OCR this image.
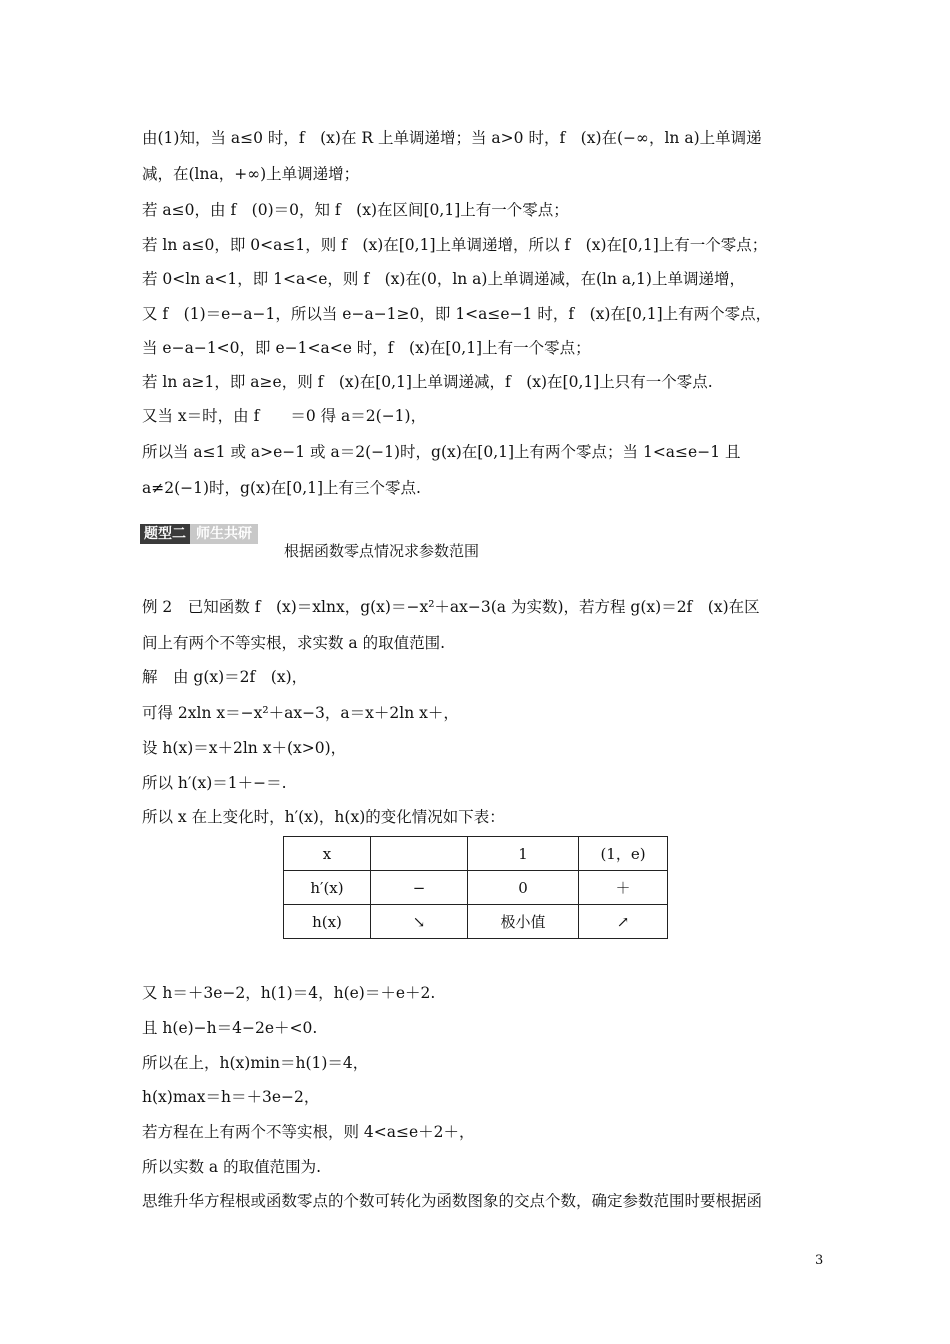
由(1)知，当 a≤0 时，f　(x)在 R 上单调递增；当 a>0 时，f　(x)在(−∞，ln a)上单调递
减，在(lna，+∞)上单调递增；
若 a≤0，由 f　(0)＝0，知 f　(x)在区间[0,1]上有一个零点；
若 ln a≤0，即 0<a≤1，则 f　(x)在[0,1]上单调递增，所以 f　(x)在[0,1]上有一个零点；
若 0<ln a<1，即 1<a<e，则 f　(x)在(0，ln a)上单调递减，在(ln a,1)上单调递增，
又 f　(1)＝e−a−1，所以当 e−a−1≥0，即 1<a≤e−1 时，f　(x)在[0,1]上有两个零点，
当 e−a−1<0，即 e−1<a<e 时，f　(x)在[0,1]上有一个零点；
若 ln a≥1，即 a≥e，则 f　(x)在[0,1]上单调递减，f　(x)在[0,1]上只有一个零点.
又当 x＝时，由 f　　＝0 得 a＝2(−1)，
所以当 a≤1 或 a>e−1 或 a＝2(−1)时，g(x)在[0,1]上有两个零点；当 1<a≤e−1 且
a≠2(−1)时，g(x)在[0,1]上有三个零点.
题型二 师生共研
根据函数零点情况求参数范围
例 2　已知函数 f　(x)＝xlnx，g(x)＝−x²＋ax−3(a 为实数)，若方程 g(x)＝2f　(x)在区
间上有两个不等实根，求实数 a 的取值范围.
解　由 g(x)＝2f　(x)，
可得 2xln x＝−x²＋ax−3，a＝x＋2ln x＋，
设 h(x)＝x＋2ln x＋(x>0)，
所以 h′(x)＝1＋−＝.
所以 x 在上变化时，h′(x)，h(x)的变化情况如下表：
x		1	(1，e)
h′(x)	−	0	＋
h(x)	↘	极小值	↗
又 h＝＋3e−2，h(1)＝4，h(e)＝＋e＋2.
且 h(e)−h＝4−2e＋<0.
所以在上，h(x)min＝h(1)＝4，
h(x)max＝h＝＋3e−2，
若方程在上有两个不等实根，则 4<a≤e＋2＋，
所以实数 a 的取值范围为.
思维升华方程根或函数零点的个数可转化为函数图象的交点个数，确定参数范围时要根据函
3
